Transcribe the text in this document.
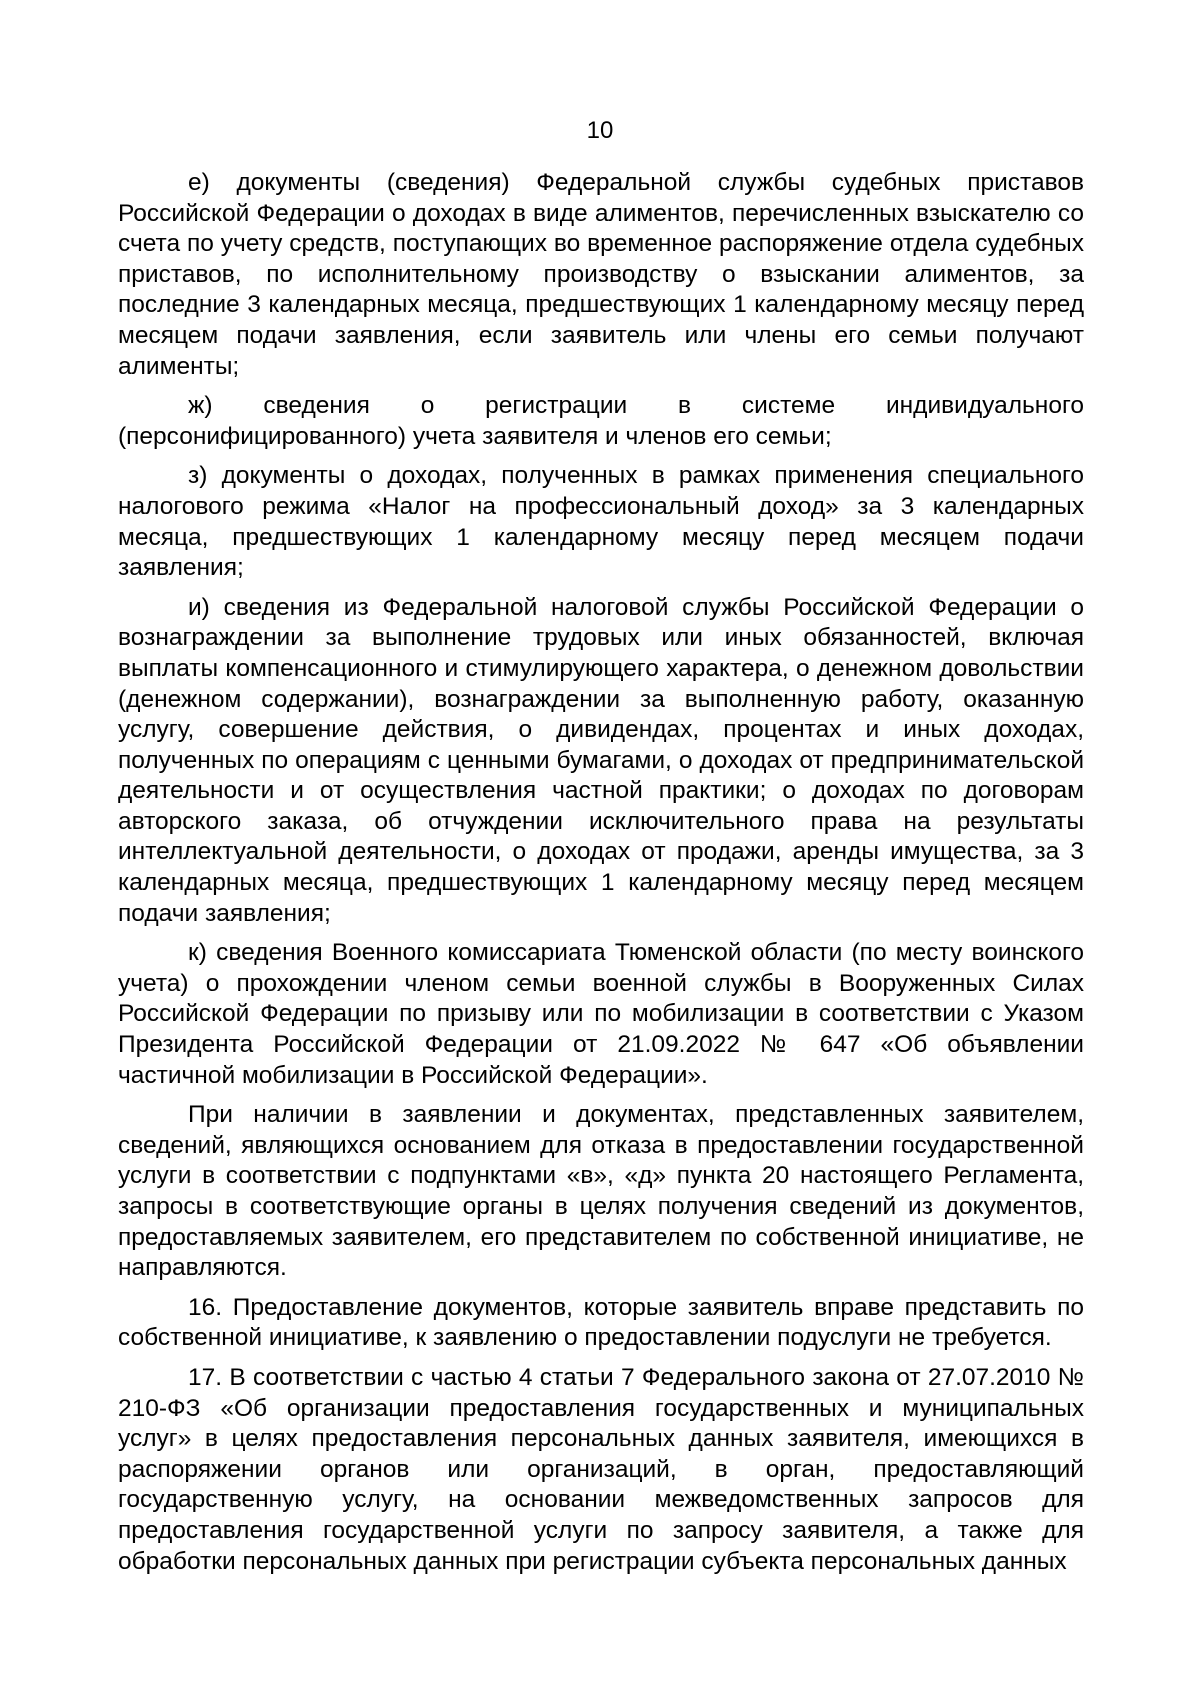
10

е) документы (сведения) Федеральной службы судебных приставов Российской Федерации о доходах в виде алиментов, перечисленных взыскателю со счета по учету средств, поступающих во временное распоряжение отдела судебных приставов, по исполнительному производству о взыскании алиментов, за последние 3 календарных месяца, предшествующих 1 календарному месяцу перед месяцем подачи заявления, если заявитель или члены его семьи получают алименты;

ж) сведения о регистрации в системе индивидуального (персонифицированного) учета заявителя и членов его семьи;

з) документы о доходах, полученных в рамках применения специального налогового режима «Налог на профессиональный доход» за 3 календарных месяца, предшествующих 1 календарному месяцу перед месяцем подачи заявления;

и) сведения из Федеральной налоговой службы Российской Федерации о вознаграждении за выполнение трудовых или иных обязанностей, включая выплаты компенсационного и стимулирующего характера, о денежном довольствии (денежном содержании), вознаграждении за выполненную работу, оказанную услугу, совершение действия, о дивидендах, процентах и иных доходах, полученных по операциям с ценными бумагами, о доходах от предпринимательской деятельности и от осуществления частной практики; о доходах по договорам авторского заказа, об отчуждении исключительного права на результаты интеллектуальной деятельности, о доходах от продажи, аренды имущества, за 3 календарных месяца, предшествующих 1 календарному месяцу перед месяцем подачи заявления;

к) сведения Военного комиссариата Тюменской области (по месту воинского учета) о прохождении членом семьи военной службы в Вооруженных Силах Российской Федерации по призыву или по мобилизации в соответствии с Указом Президента Российской Федерации от 21.09.2022 № 647 «Об объявлении частичной мобилизации в Российской Федерации».

При наличии в заявлении и документах, представленных заявителем, сведений, являющихся основанием для отказа в предоставлении государственной услуги в соответствии с подпунктами «в», «д» пункта 20 настоящего Регламента, запросы в соответствующие органы в целях получения сведений из документов, предоставляемых заявителем, его представителем по собственной инициативе, не направляются.

16. Предоставление документов, которые заявитель вправе представить по собственной инициативе, к заявлению о предоставлении подуслуги не требуется.

17. В соответствии с частью 4 статьи 7 Федерального закона от 27.07.2010 № 210-ФЗ «Об организации предоставления государственных и муниципальных услуг» в целях предоставления персональных данных заявителя, имеющихся в распоряжении органов или организаций, в орган, предоставляющий государственную услугу, на основании межведомственных запросов для предоставления государственной услуги по запросу заявителя, а также для обработки персональных данных при регистрации субъекта персональных данных
